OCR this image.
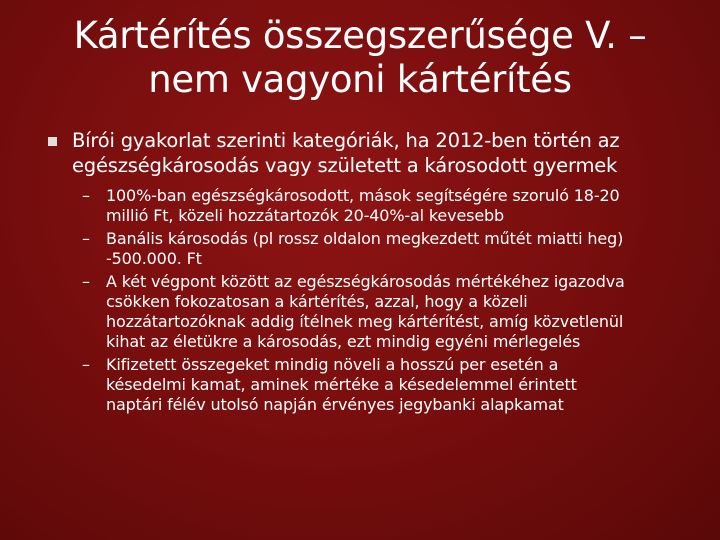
Kártérítés összegszerűsége V. –
nem vagyoni kártérítés
Bírói gyakorlat szerinti kategóriák, ha 2012-ben történ az
egészségkárosodás vagy született a károsodott gyermek
– 100%-ban egészségkárosodott, mások segítségére szoruló 18-20
millió Ft, közeli hozzátartozók 20-40%-al kevesebb
– Banális károsodás (pl rossz oldalon megkezdett műtét miatti heg)
-500.000. Ft
– A két végpont között az egészségkárosodás mértékéhez igazodva
csökken fokozatosan a kártérítés, azzal, hogy a közeli
hozzátartozóknak addig ítélnek meg kártérítést, amíg közvetlenül
kihat az életükre a károsodás, ezt mindig egyéni mérlegelés
– Kifizetett összegeket mindig növeli a hosszú per esetén a
késedelmi kamat, aminek mértéke a késedelemmel érintett
naptári félév utolsó napján érvényes jegybanki alapkamat
